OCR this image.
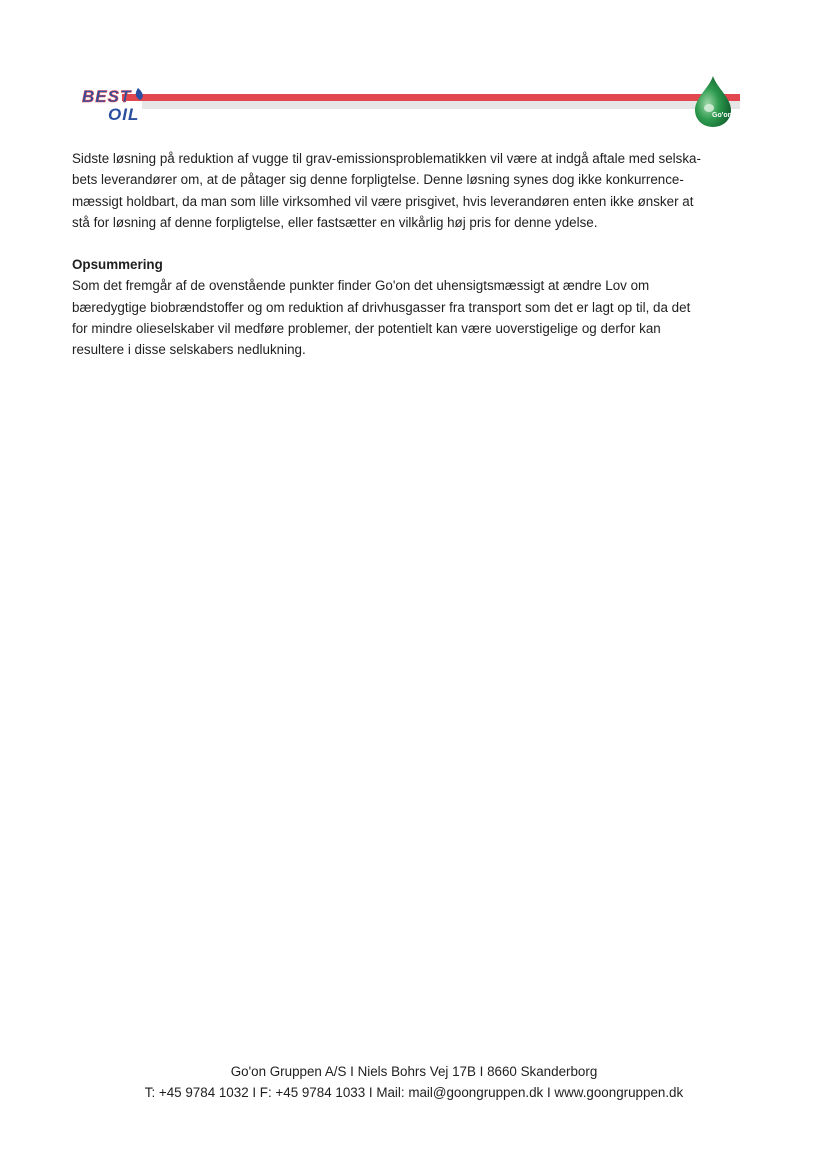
BEST
OIL	Go'on

Sidste løsning på reduktion af vugge til grav-emissionsproblematikken vil være at indgå aftale med selska-
bets leverandører om, at de påtager sig denne forpligtelse. Denne løsning synes dog ikke konkurrence-
mæssigt holdbart, da man som lille virksomhed vil være prisgivet, hvis leverandøren enten ikke ønsker at
stå for løsning af denne forpligtelse, eller fastsætter en vilkårlig høj pris for denne ydelse.

Opsummering

Som det fremgår af de ovenstående punkter finder Go'on det uhensigtsmæssigt at ændre Lov om
bæredygtige biobrændstoffer og om reduktion af drivhusgasser fra transport som det er lagt op til, da det
for mindre olieselskaber vil medføre problemer, der potentielt kan være uoverstigelige og derfor kan
resultere i disse selskabers nedlukning.

Go'on Gruppen A/S I Niels Bohrs Vej 17B I 8660 Skanderborg
T: +45 9784 1032 I F: +45 9784 1033 I Mail: mail@goongruppen.dk I www.goongruppen.dk
